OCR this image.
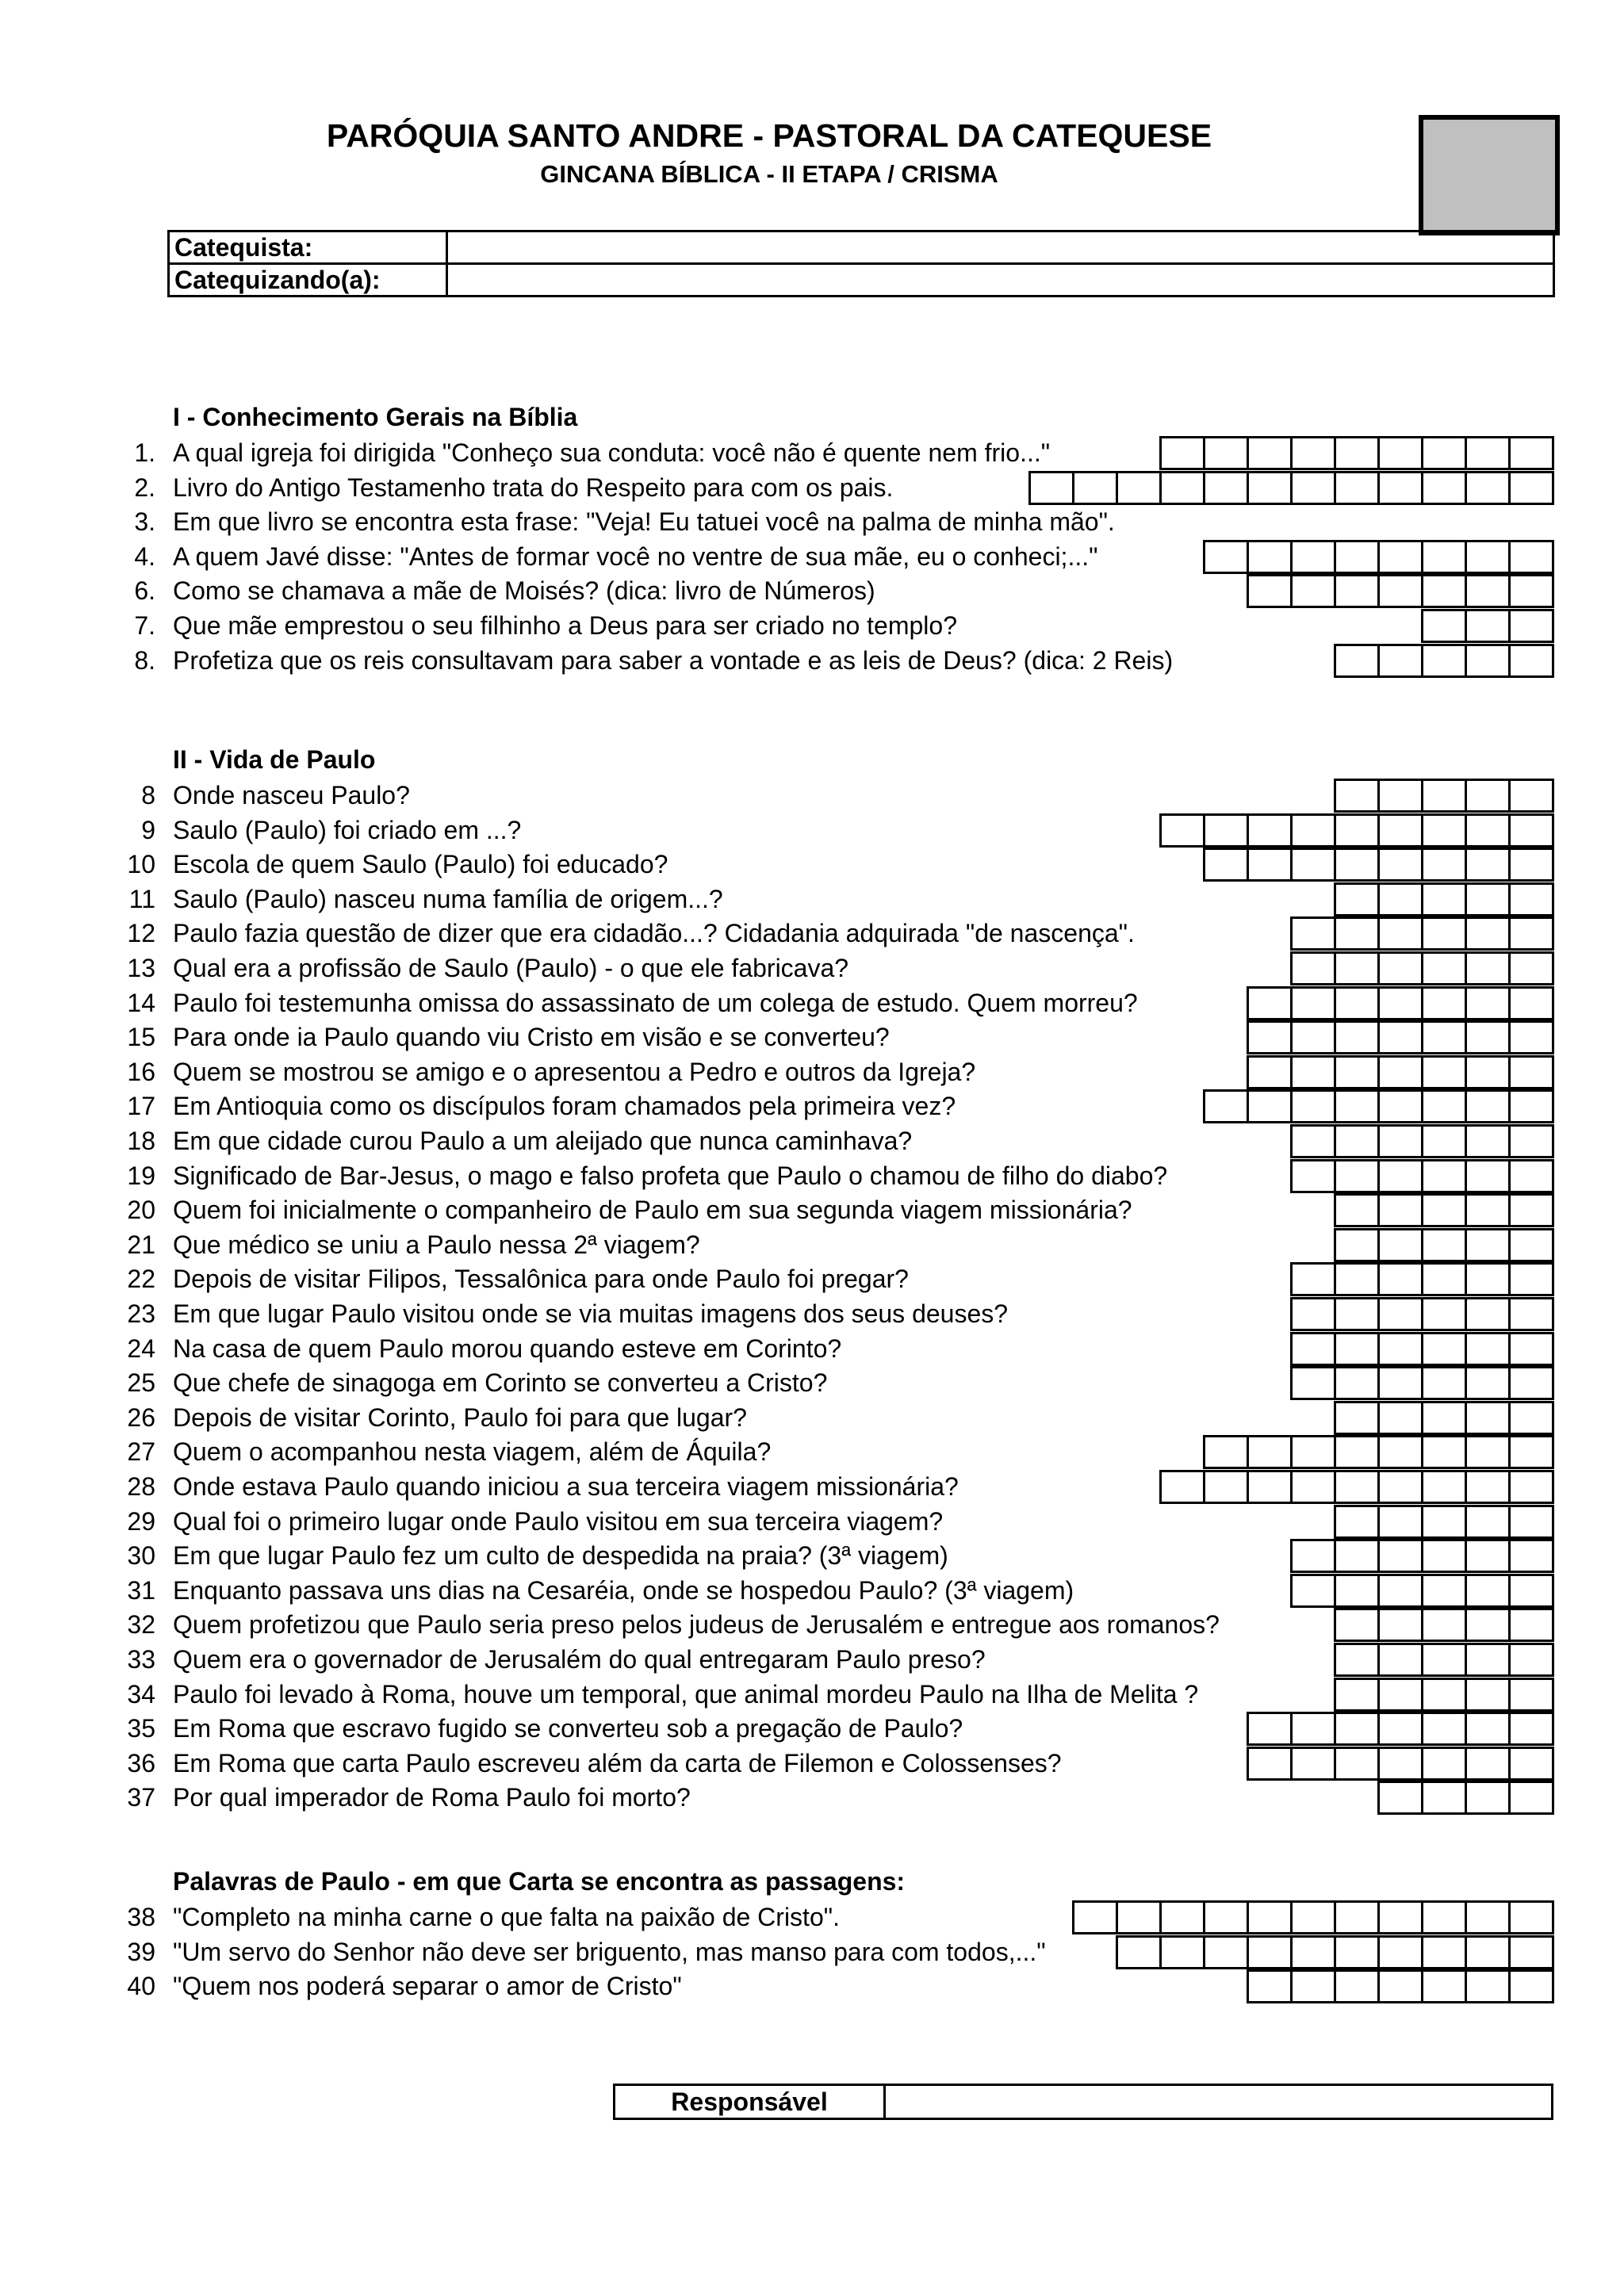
PARÓQUIA SANTO ANDRE - PASTORAL DA CATEQUESE
GINCANA BÍBLICA - II ETAPA / CRISMA
Catequista:	
Catequizando(a):	
I - Conhecimento Gerais na Bíblia
1. A qual igreja foi dirigida "Conheço sua conduta: você não é quente nem frio..."
2. Livro do Antigo Testamenho trata do Respeito para com os pais.
3. Em que livro se encontra esta frase: "Veja! Eu tatuei você na palma de minha mão".
4. A quem Javé disse: "Antes de formar você no ventre de sua mãe, eu o conheci;..."
6. Como se chamava a mãe de Moisés? (dica: livro de Números)
7. Que mãe emprestou o seu filhinho a Deus para ser criado no templo?
8. Profetiza que os reis consultavam para saber a vontade e as leis de Deus? (dica: 2 Reis)
II - Vida de Paulo
8 Onde nasceu Paulo?
9 Saulo (Paulo) foi criado em ...?
10 Escola de quem Saulo (Paulo) foi educado?
11 Saulo (Paulo) nasceu numa família de origem...?
12 Paulo fazia questão de dizer que era cidadão...? Cidadania adquirada "de nascença".
13 Qual era a profissão de Saulo (Paulo) - o que ele fabricava?
14 Paulo foi testemunha omissa do assassinato de um colega de estudo. Quem morreu?
15 Para onde ia Paulo quando viu Cristo em visão e se converteu?
16 Quem se mostrou se amigo e o apresentou a Pedro e outros da Igreja?
17 Em Antioquia como os discípulos foram chamados pela primeira vez?
18 Em que cidade curou Paulo a um aleijado que nunca caminhava?
19 Significado de Bar-Jesus, o mago e falso profeta que Paulo o chamou de filho do diabo?
20 Quem foi inicialmente o companheiro de Paulo em sua segunda viagem missionária?
21 Que médico se uniu a Paulo nessa 2ª viagem?
22 Depois de visitar Filipos, Tessalônica para onde Paulo foi pregar?
23 Em que lugar Paulo visitou onde se via muitas imagens dos seus deuses?
24 Na casa de quem Paulo morou quando esteve em Corinto?
25 Que chefe de sinagoga em Corinto se converteu a Cristo?
26 Depois de visitar Corinto, Paulo foi para que lugar?
27 Quem o acompanhou nesta viagem, além de Áquila?
28 Onde estava Paulo quando iniciou a sua terceira viagem missionária?
29 Qual foi o primeiro lugar onde Paulo visitou em sua terceira viagem?
30 Em que lugar Paulo fez um culto de despedida na praia? (3ª viagem)
31 Enquanto passava uns dias na Cesaréia, onde se hospedou Paulo? (3ª viagem)
32 Quem profetizou que Paulo seria preso pelos judeus de Jerusalém e entregue aos romanos?
33 Quem era o governador de Jerusalém do qual entregaram Paulo preso?
34 Paulo foi levado à Roma, houve um temporal, que animal mordeu Paulo na Ilha de Melita ?
35 Em Roma que escravo fugido se converteu sob a pregação de Paulo?
36 Em Roma que carta Paulo escreveu além da carta de Filemon e Colossenses?
37 Por qual imperador de Roma Paulo foi morto?
Palavras de Paulo - em que Carta se encontra as passagens:
38 "Completo na minha carne o que falta na paixão de Cristo".
39 "Um servo do Senhor não deve ser briguento, mas manso para com todos,..."
40 "Quem nos poderá separar o amor de Cristo"
Responsável	
